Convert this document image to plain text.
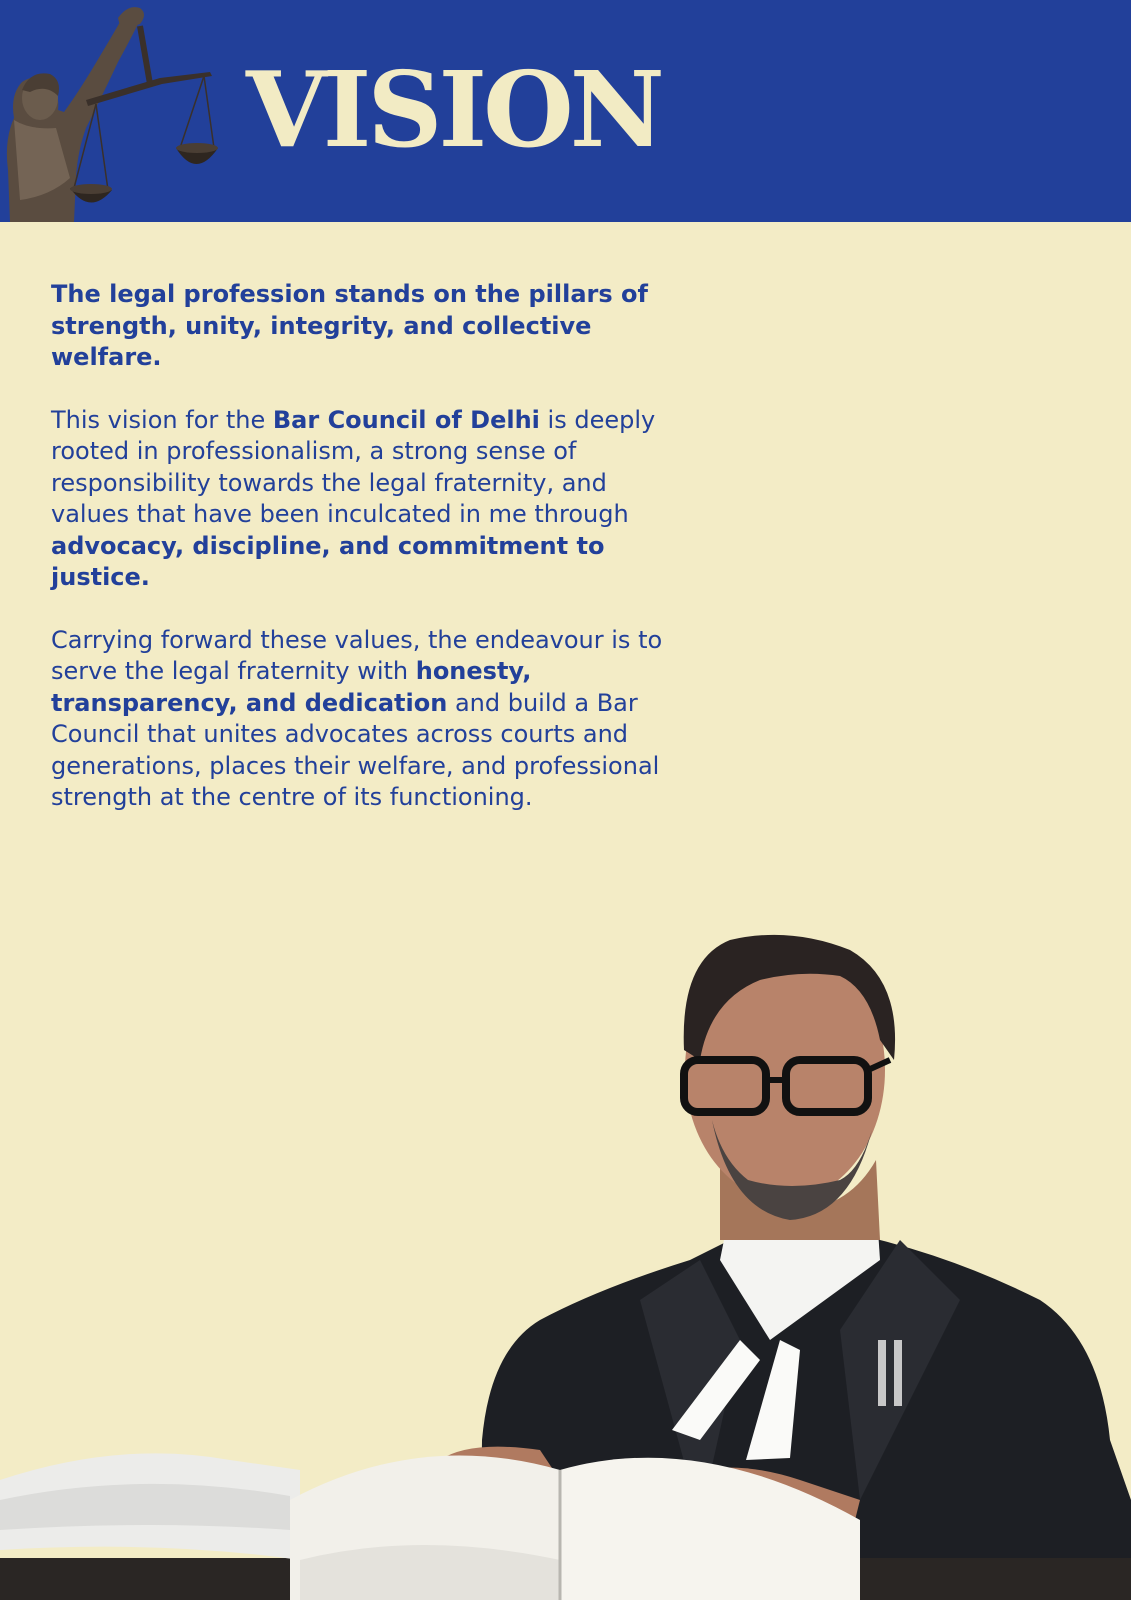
VISION

The legal profession stands on the pillars of strength, unity, integrity, and collective welfare.

This vision for the Bar Council of Delhi is deeply rooted in professionalism, a strong sense of responsibility towards the legal fraternity, and values that have been inculcated in me through advocacy, discipline, and commitment to justice.

Carrying forward these values, the endeavour is to serve the legal fraternity with honesty, transparency, and dedication and build a Bar Council that unites advocates across courts and generations, places their welfare, and professional strength at the centre of its functioning.
